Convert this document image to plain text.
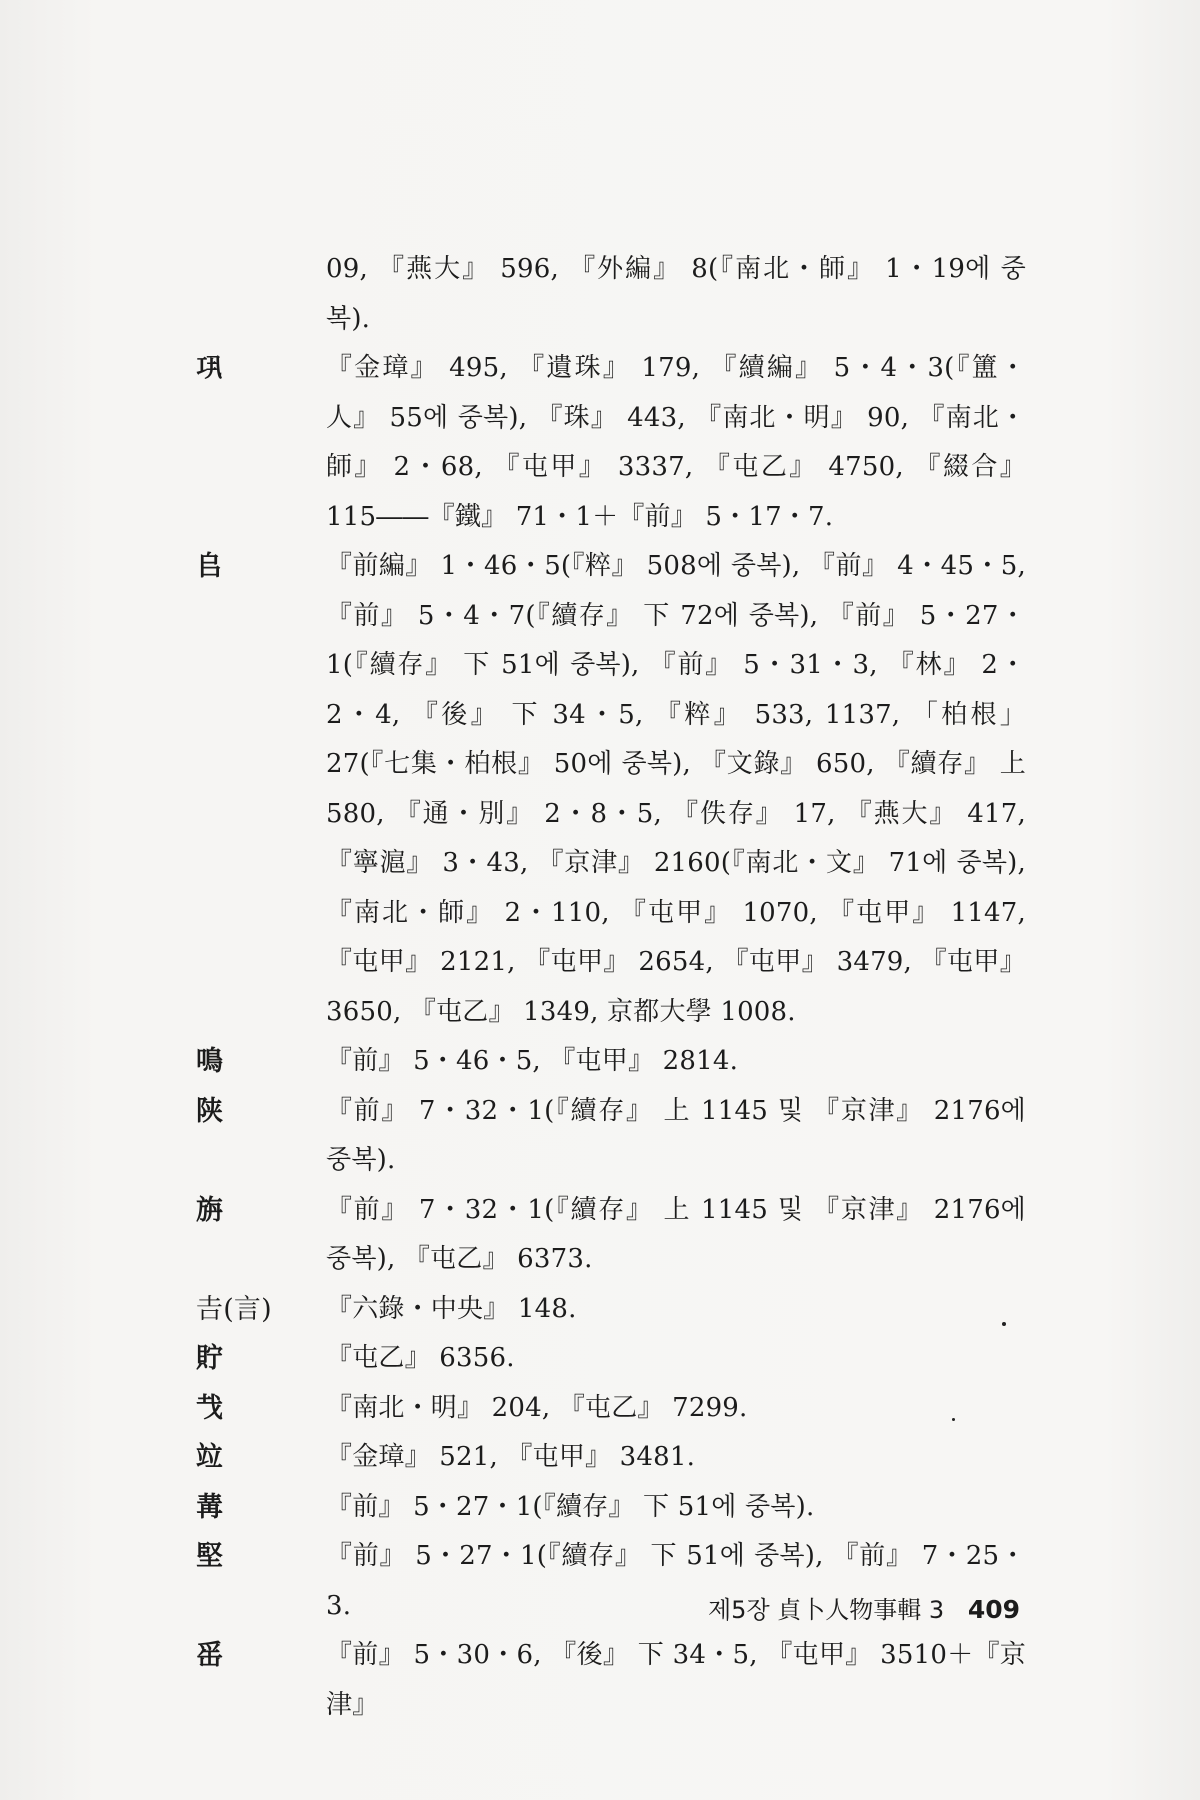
09, 『燕大』 596, 『外編』 8(『南北・師』 1・19에 중복).
𢀜	『金璋』 495, 『遺珠』 179, 『續編』 5・4・3(『簠・人』 55에 중복), 『珠』 443, 『南北・明』 90, 『南北・師』 2・68, 『屯甲』 3337, 『屯乙』 4750, 『綴合』 115――『鐵』 71・1＋『前』 5・17・7.
𠂤	『前編』 1・46・5(『粹』 508에 중복), 『前』 4・45・5, 『前』 5・4・7(『續存』 下 72에 중복), 『前』 5・27・1(『續存』 下 51에 중복), 『前』 5・31・3, 『林』 2・2・4, 『後』 下 34・5, 『粹』 533, 1137, 「柏根」 27(『七集・柏根』 50에 중복), 『文錄』 650, 『續存』 上 580, 『通・別』 2・8・5, 『佚存』 17, 『燕大』 417, 『寧滬』 3・43, 『京津』 2160(『南北・文』 71에 중복), 『南北・師』 2・110, 『屯甲』 1070, 『屯甲』 1147, 『屯甲』 2121, 『屯甲』 2654, 『屯甲』 3479, 『屯甲』 3650, 『屯乙』 1349, 京都大學 1008.
鳴	『前』 5・46・5, 『屯甲』 2814.
陕	『前』 7・32・1(『續存』 上 1145 및 『京津』 2176에 중복).
旃	『前』 7・32・1(『續存』 上 1145 및 『京津』 2176에 중복), 『屯乙』 6373.
𠮷(言)	『六錄・中央』 148.
貯	『屯乙』 6356.
𢦏	『南北・明』 204, 『屯乙』 7299.
竝	『金璋』 521, 『屯甲』 3481.
冓	『前』 5・27・1(『續存』 下 51에 중복).
堅	『前』 5・27・1(『續存』 下 51에 중복), 『前』 7・25・3.
䍃	『前』 5・30・6, 『後』 下 34・5, 『屯甲』 3510＋『京津』
제5장 貞卜人物事輯 3 409
